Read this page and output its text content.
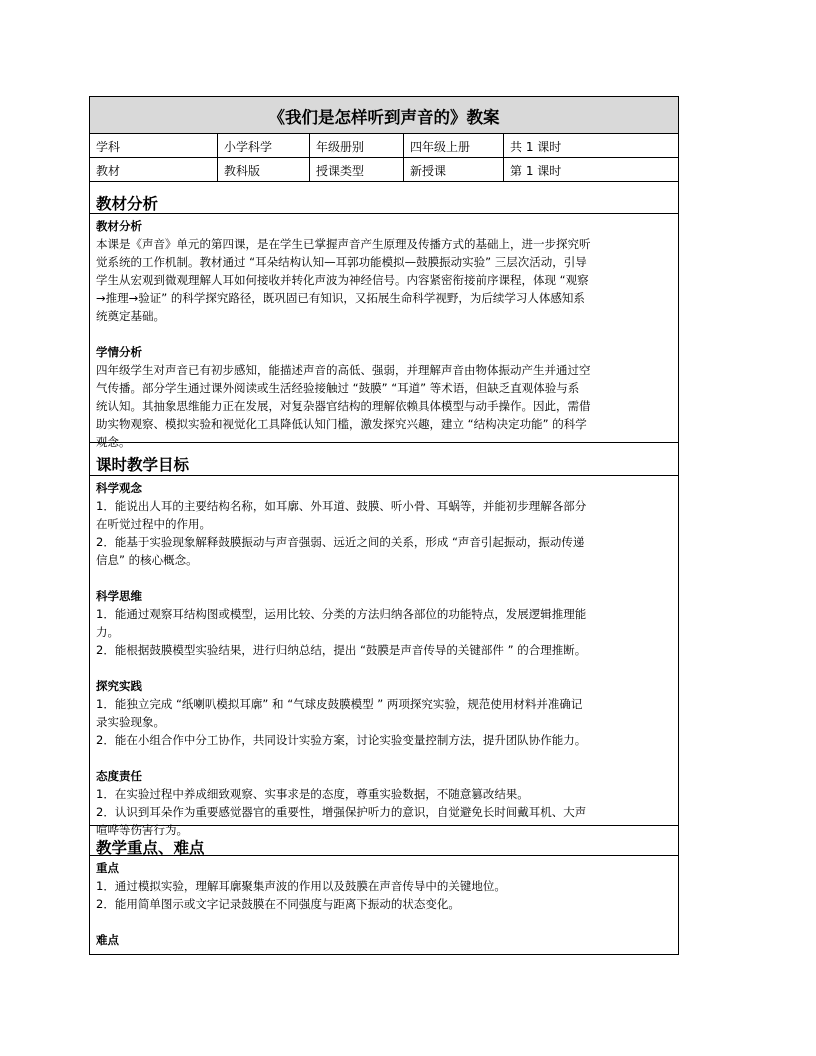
《我们是怎样听到声音的》教案
学科	小学科学	年级册别	四年级上册	共 1 课时
教材	教科版	授课类型	新授课	第 1 课时
教材分析

教材分析

本课是《声音》单元的第四课，是在学生已掌握声音产生原理及传播方式的基础上，进一步探究听

觉系统的工作机制。教材通过 “耳朵结构认知—耳郭功能模拟—鼓膜振动实验” 三层次活动，引导

学生从宏观到微观理解人耳如何接收并转化声波为神经信号。内容紧密衔接前序课程，体现 “观察

→推理→验证” 的科学探究路径，既巩固已有知识，又拓展生命科学视野，为后续学习人体感知系

统奠定基础。

学情分析

四年级学生对声音已有初步感知，能描述声音的高低、强弱，并理解声音由物体振动产生并通过空

气传播。部分学生通过课外阅读或生活经验接触过 “鼓膜” “耳道” 等术语，但缺乏直观体验与系

统认知。其抽象思维能力正在发展，对复杂器官结构的理解依赖具体模型与动手操作。因此，需借

助实物观察、模拟实验和视觉化工具降低认知门槛，激发探究兴趣，建立 “结构决定功能” 的科学

观念。

课时教学目标

科学观念

1．能说出人耳的主要结构名称，如耳廓、外耳道、鼓膜、听小骨、耳蜗等，并能初步理解各部分

在听觉过程中的作用。

2．能基于实验现象解释鼓膜振动与声音强弱、远近之间的关系，形成 “声音引起振动，振动传递

信息” 的核心概念。

科学思维

1．能通过观察耳结构图或模型，运用比较、分类的方法归纳各部位的功能特点，发展逻辑推理能

力。

2．能根据鼓膜模型实验结果，进行归纳总结，提出 “鼓膜是声音传导的关键部件 ” 的合理推断。

探究实践

1．能独立完成 “纸喇叭模拟耳廓” 和 “气球皮鼓膜模型 ” 两项探究实验，规范使用材料并准确记

录实验现象。

2．能在小组合作中分工协作，共同设计实验方案，讨论实验变量控制方法，提升团队协作能力。

态度责任

1．在实验过程中养成细致观察、实事求是的态度，尊重实验数据，不随意篡改结果。

2．认识到耳朵作为重要感觉器官的重要性，增强保护听力的意识，自觉避免长时间戴耳机、大声

喧哗等伤害行为。

教学重点、难点

重点

1．通过模拟实验，理解耳廓聚集声波的作用以及鼓膜在声音传导中的关键地位。

2．能用简单图示或文字记录鼓膜在不同强度与距离下振动的状态变化。

难点
